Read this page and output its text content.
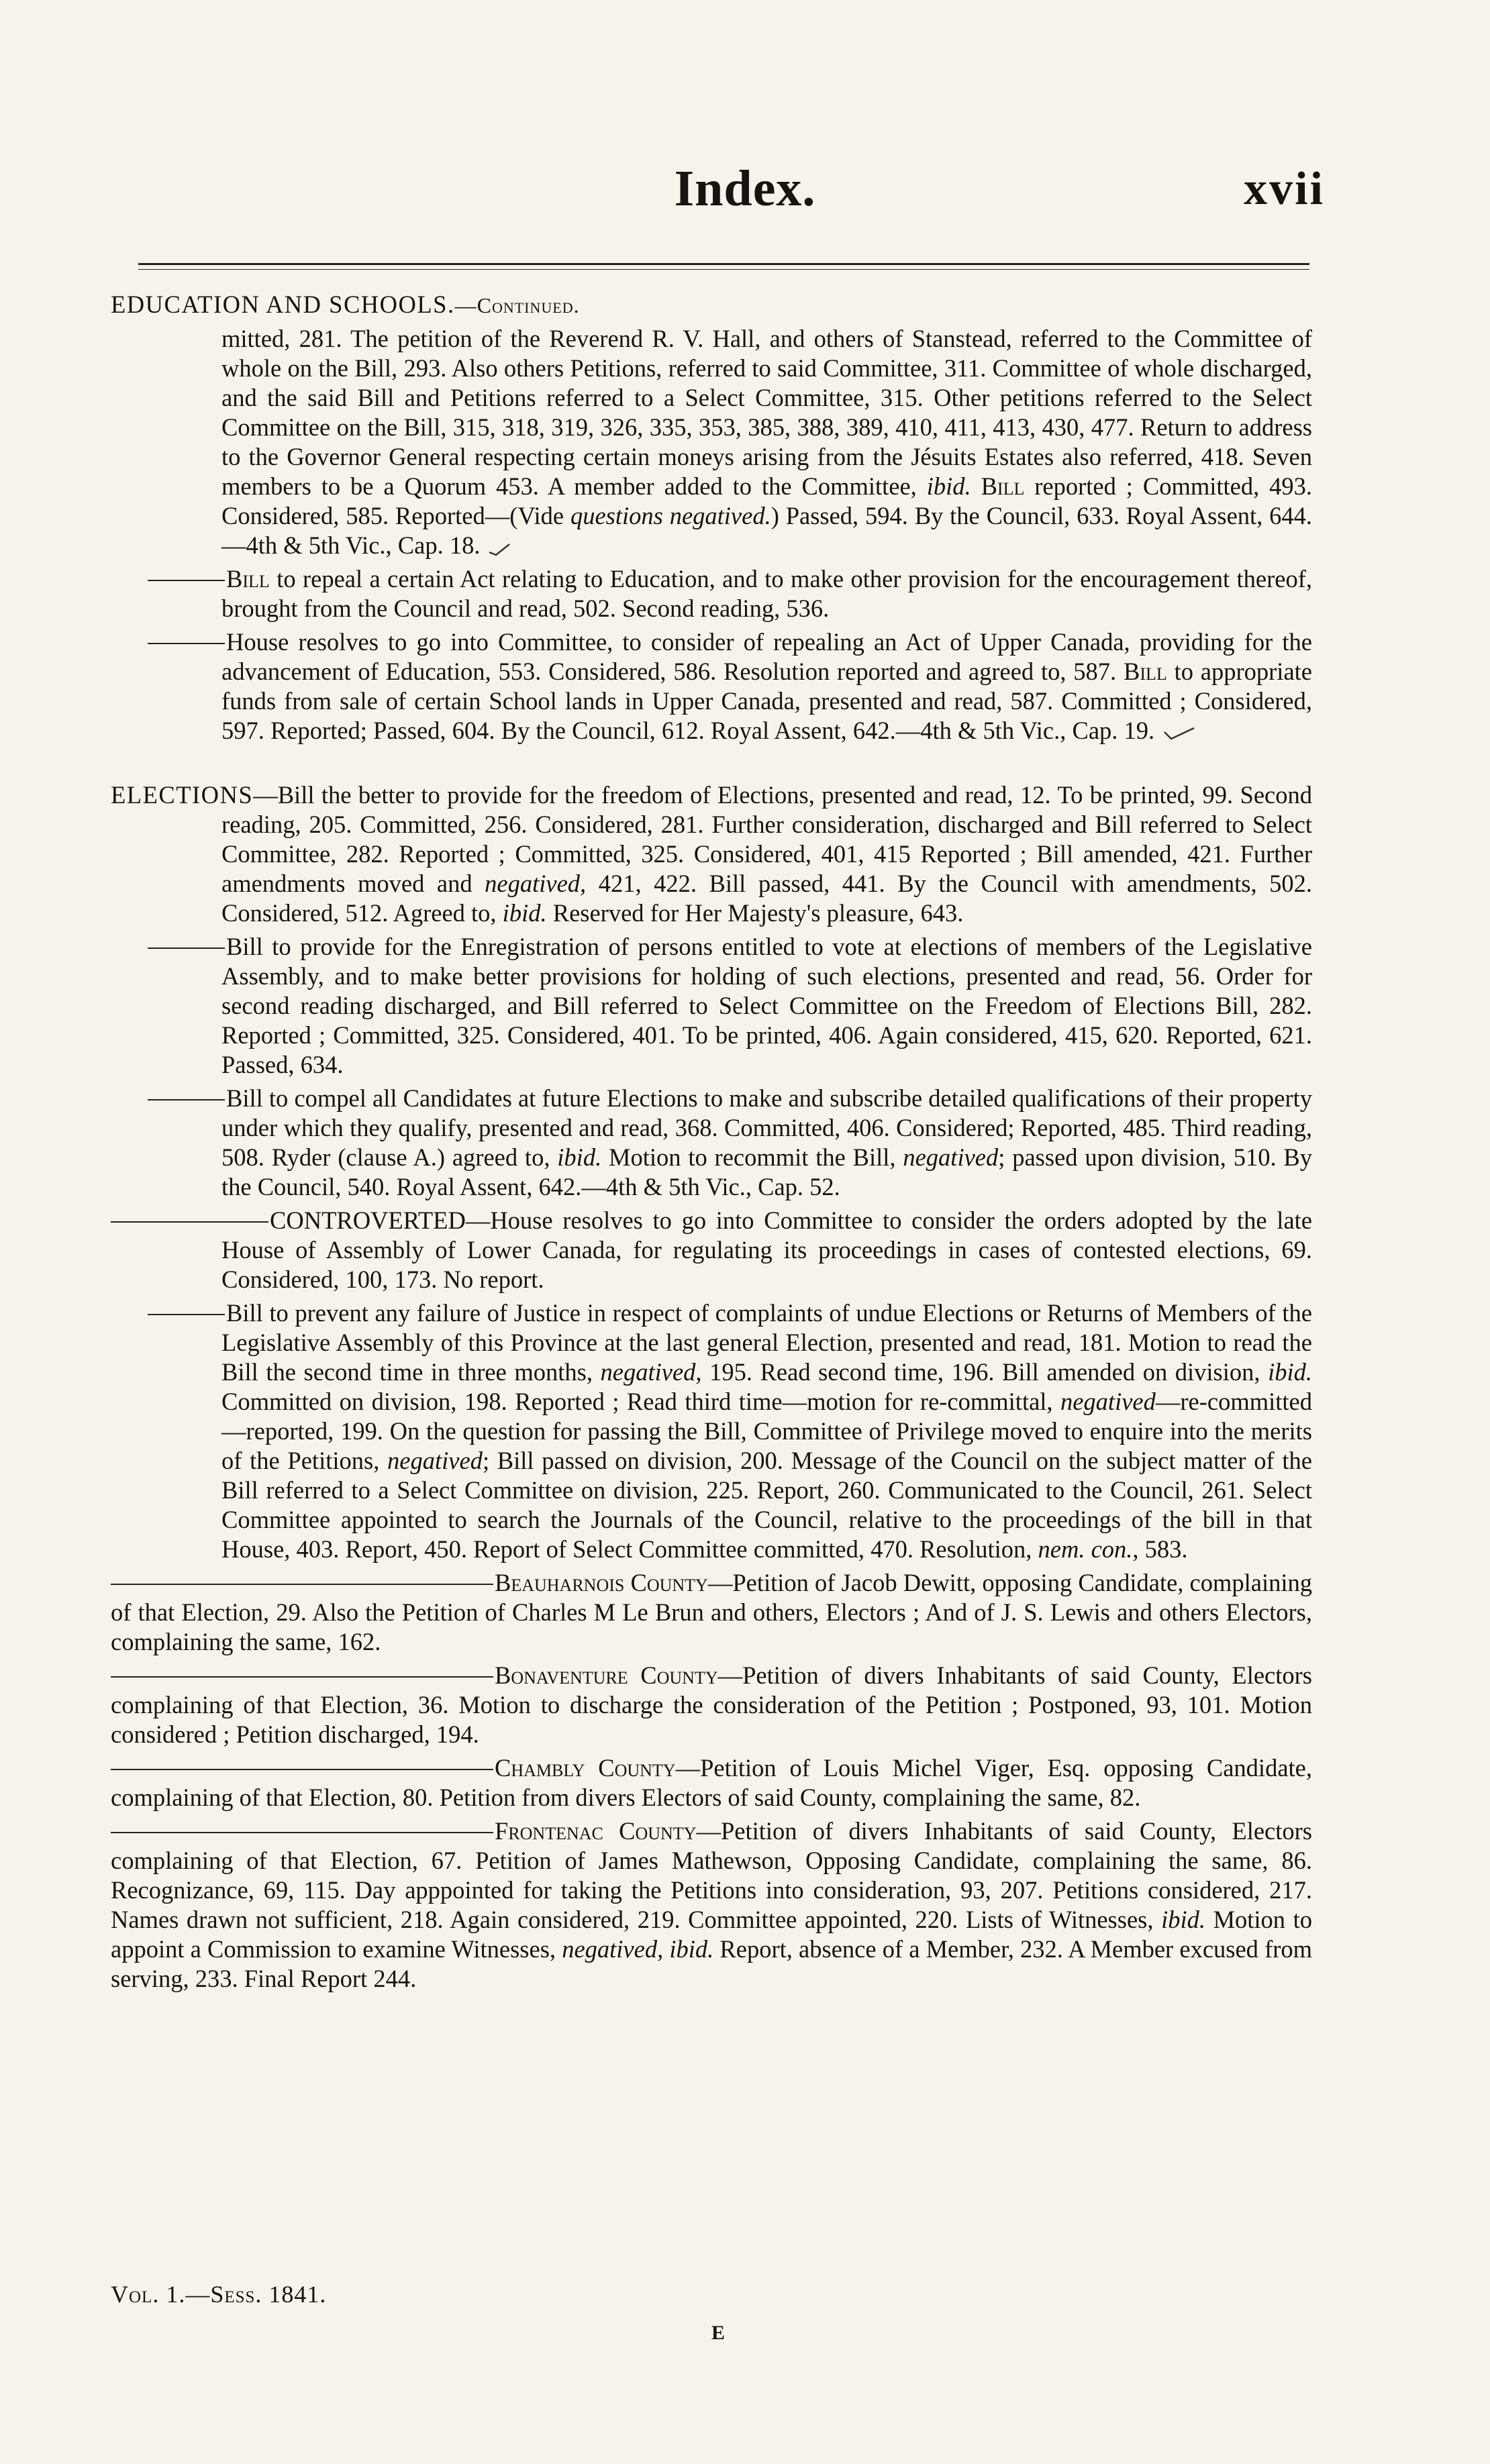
Index.	xvii

EDUCATION AND SCHOOLS.—Continued.

mitted, 281. The petition of the Reverend R. V. Hall, and others of Stanstead, referred to the Committee of whole on the Bill, 293. Also others Petitions, referred to said Committee, 311. Committee of whole discharged, and the said Bill and Petitions referred to a Select Committee, 315. Other petitions referred to the Select Committee on the Bill, 315, 318, 319, 326, 335, 353, 385, 388, 389, 410, 411, 413, 430, 477. Return to address to the Governor General respecting certain moneys arising from the Jésuits Estates also referred, 418. Seven members to be a Quorum 453. A member added to the Committee, ibid. Bill reported ; Committed, 493. Considered, 585. Reported—(Vide questions negatived.) Passed, 594. By the Council, 633. Royal Assent, 644.—4th & 5th Vic., Cap. 18.

Bill to repeal a certain Act relating to Education, and to make other provision for the encouragement thereof, brought from the Council and read, 502. Second reading, 536.

House resolves to go into Committee, to consider of repealing an Act of Upper Canada, providing for the advancement of Education, 553. Considered, 586. Resolution reported and agreed to, 587. Bill to appropriate funds from sale of certain School lands in Upper Canada, presented and read, 587. Committed ; Considered, 597. Reported; Passed, 604. By the Council, 612. Royal Assent, 642.—4th & 5th Vic., Cap. 19.

ELECTIONS—Bill the better to provide for the freedom of Elections, presented and read, 12. To be printed, 99. Second reading, 205. Committed, 256. Considered, 281. Further consideration, discharged and Bill referred to Select Committee, 282. Reported ; Committed, 325. Considered, 401, 415 Reported ; Bill amended, 421. Further amendments moved and negatived, 421, 422. Bill passed, 441. By the Council with amendments, 502. Considered, 512. Agreed to, ibid. Reserved for Her Majesty's pleasure, 643.

Bill to provide for the Enregistration of persons entitled to vote at elections of members of the Legislative Assembly, and to make better provisions for holding of such elections, presented and read, 56. Order for second reading discharged, and Bill referred to Select Committee on the Freedom of Elections Bill, 282. Reported ; Committed, 325. Considered, 401. To be printed, 406. Again considered, 415, 620. Reported, 621. Passed, 634.

Bill to compel all Candidates at future Elections to make and subscribe detailed qualifications of their property under which they qualify, presented and read, 368. Committed, 406. Considered; Reported, 485. Third reading, 508. Ryder (clause A.) agreed to, ibid. Motion to recommit the Bill, negatived; passed upon division, 510. By the Council, 540. Royal Assent, 642.—4th & 5th Vic., Cap. 52.

CONTROVERTED—House resolves to go into Committee to consider the orders adopted by the late House of Assembly of Lower Canada, for regulating its proceedings in cases of contested elections, 69. Considered, 100, 173. No report.

Bill to prevent any failure of Justice in respect of complaints of undue Elections or Returns of Members of the Legislative Assembly of this Province at the last general Election, presented and read, 181. Motion to read the Bill the second time in three months, negatived, 195. Read second time, 196. Bill amended on division, ibid. Committed on division, 198. Reported ; Read third time—motion for re-committal, negatived—re-committed—reported, 199. On the question for passing the Bill, Committee of Privilege moved to enquire into the merits of the Petitions, negatived; Bill passed on division, 200. Message of the Council on the subject matter of the Bill referred to a Select Committee on division, 225. Report, 260. Communicated to the Council, 261. Select Committee appointed to search the Journals of the Council, relative to the proceedings of the bill in that House, 403. Report, 450. Report of Select Committee committed, 470. Resolution, nem. con., 583.

Beauharnois County—Petition of Jacob Dewitt, opposing Candidate, complaining of that Election, 29. Also the Petition of Charles M Le Brun and others, Electors ; And of J. S. Lewis and others Electors, complaining the same, 162.

Bonaventure County—Petition of divers Inhabitants of said County, Electors complaining of that Election, 36. Motion to discharge the consideration of the Petition ; Postponed, 93, 101. Motion considered ; Petition discharged, 194.

Chambly County—Petition of Louis Michel Viger, Esq. opposing Candidate, complaining of that Election, 80. Petition from divers Electors of said County, complaining the same, 82.

Frontenac County—Petition of divers Inhabitants of said County, Electors complaining of that Election, 67. Petition of James Mathewson, Opposing Candidate, complaining the same, 86. Recognizance, 69, 115. Day apppointed for taking the Petitions into consideration, 93, 207. Petitions considered, 217. Names drawn not sufficient, 218. Again considered, 219. Committee appointed, 220. Lists of Witnesses, ibid. Motion to appoint a Commission to examine Witnesses, negatived, ibid. Report, absence of a Member, 232. A Member excused from serving, 233. Final Report 244.

Vol. 1.—Sess. 1841.
E
